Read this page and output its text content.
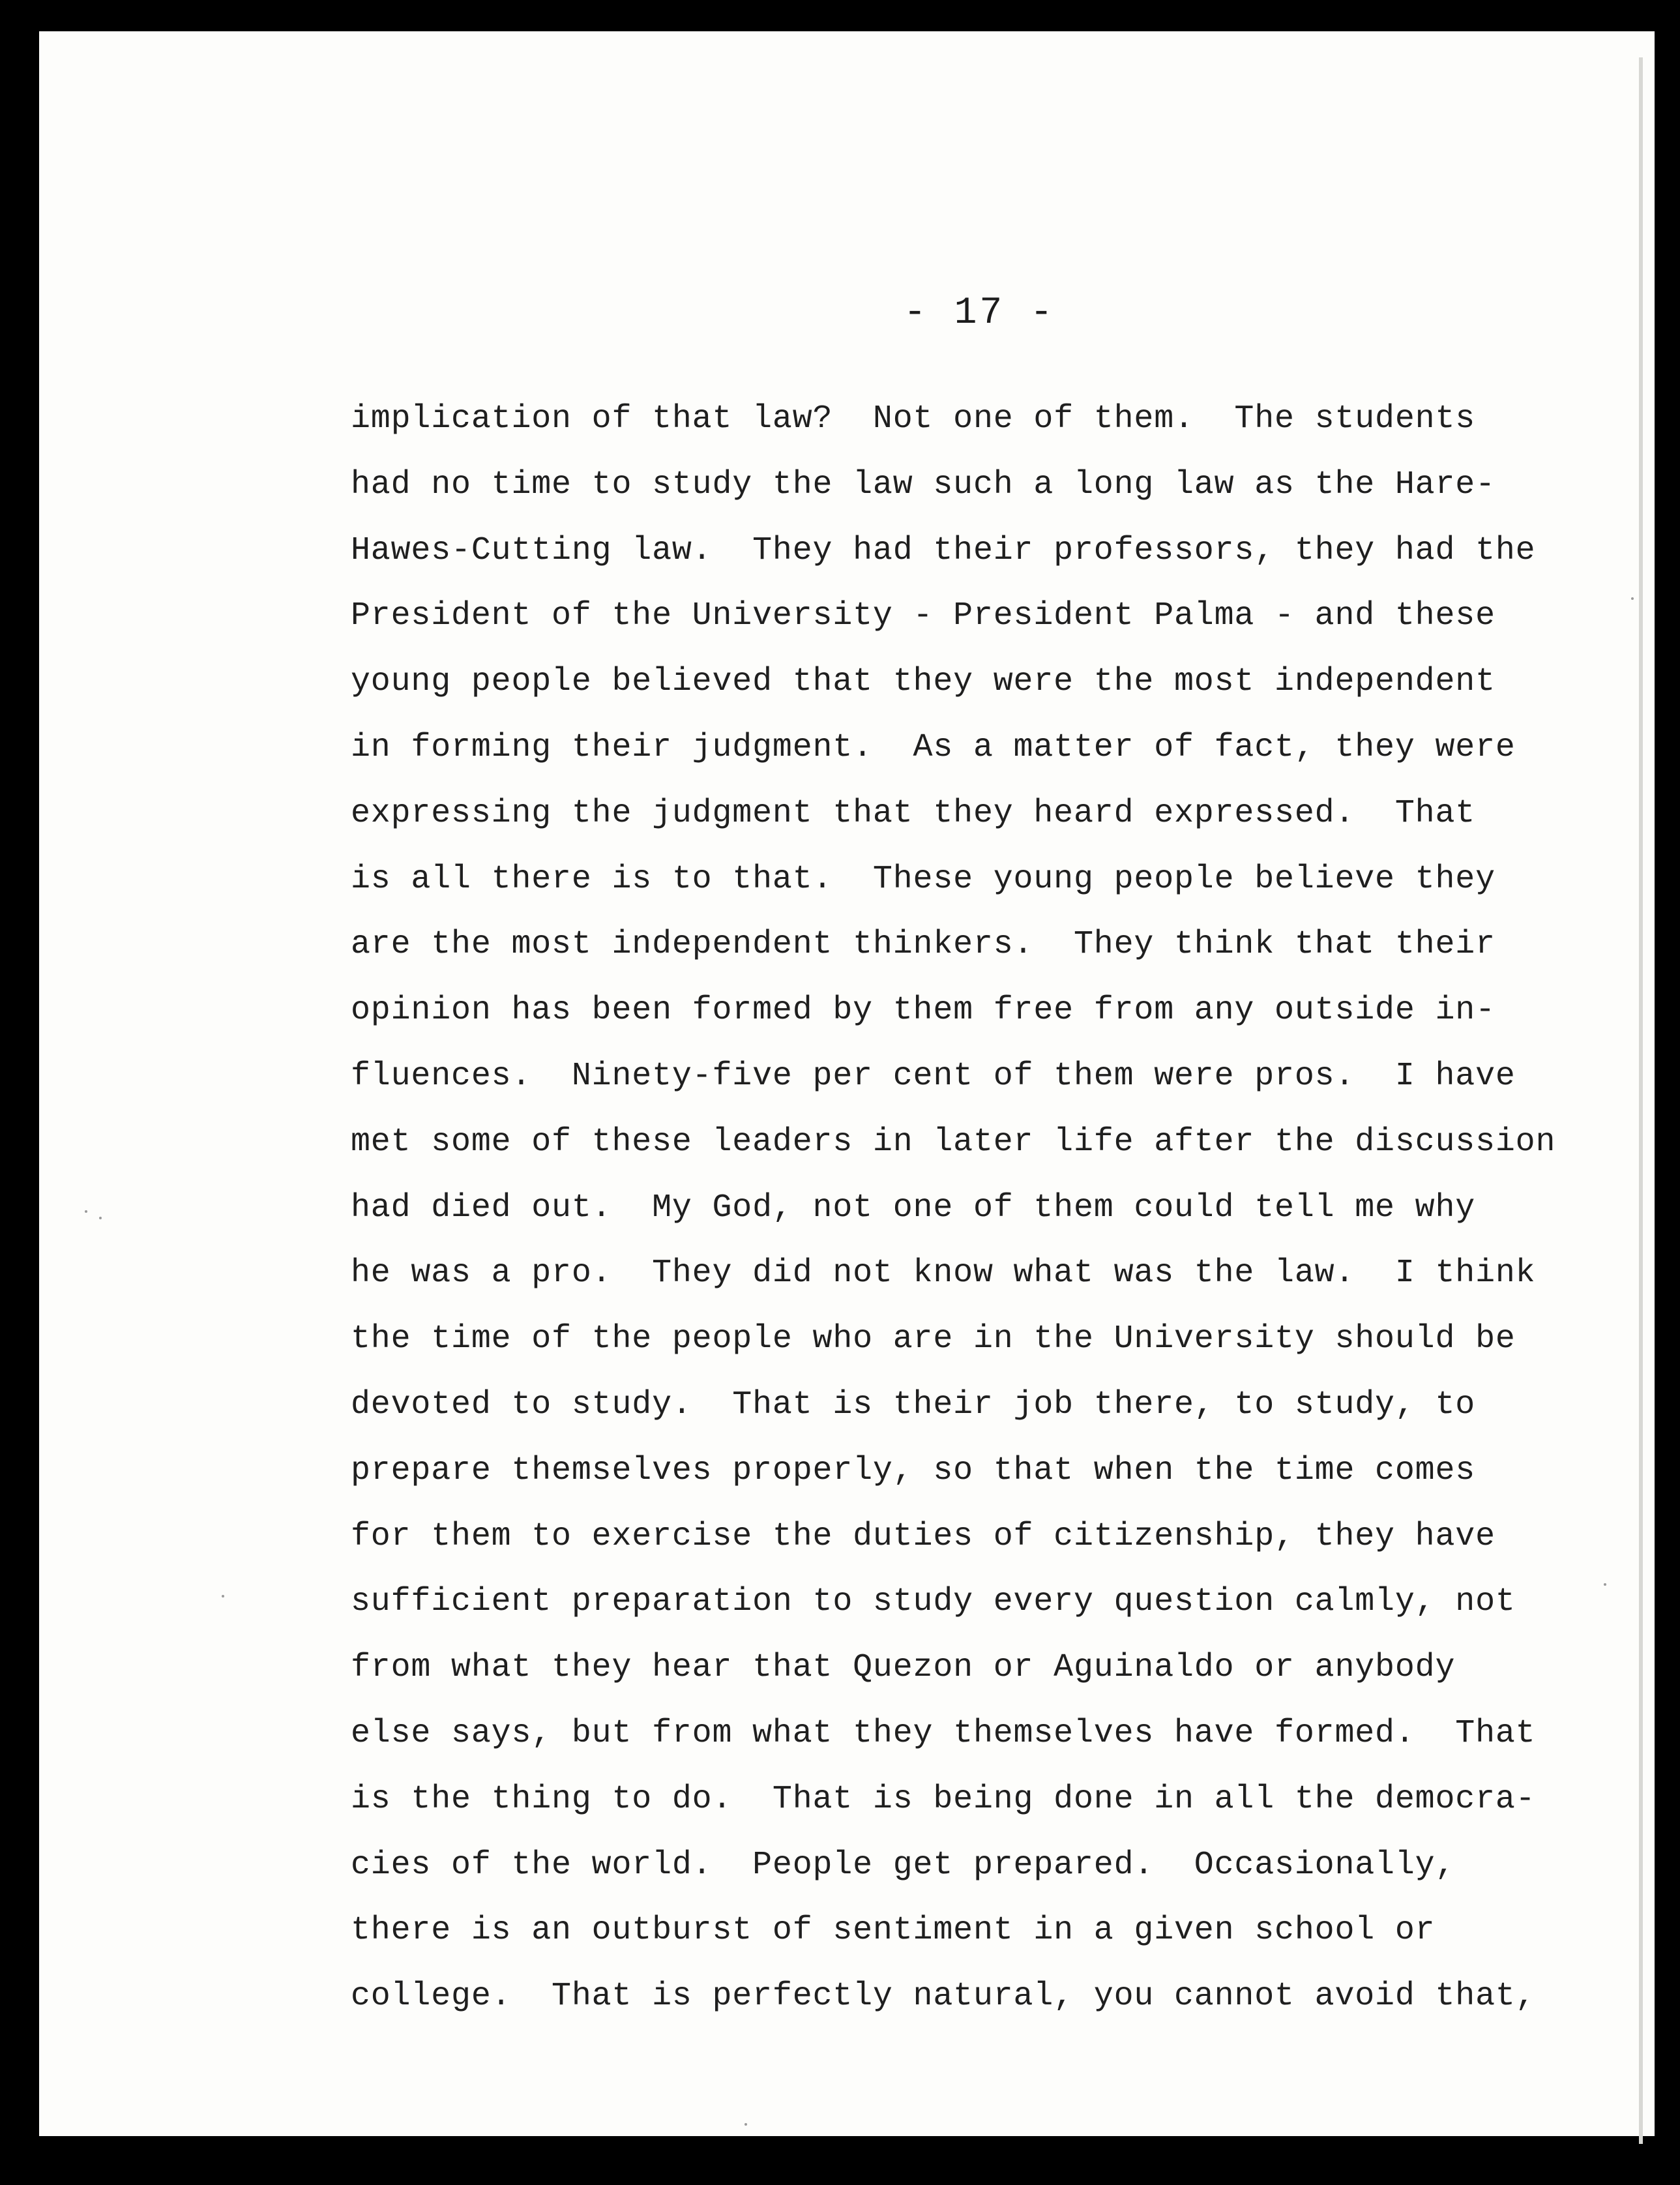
- 17 -
implication of that law?  Not one of them.  The students
had no time to study the law such a long law as the Hare-
Hawes-Cutting law.  They had their professors, they had the
President of the University - President Palma - and these
young people believed that they were the most independent
in forming their judgment.  As a matter of fact, they were
expressing the judgment that they heard expressed.  That
is all there is to that.  These young people believe they
are the most independent thinkers.  They think that their
opinion has been formed by them free from any outside in-
fluences.  Ninety-five per cent of them were pros.  I have
met some of these leaders in later life after the discussion
had died out.  My God, not one of them could tell me why
he was a pro.  They did not know what was the law.  I think
the time of the people who are in the University should be
devoted to study.  That is their job there, to study, to
prepare themselves properly, so that when the time comes
for them to exercise the duties of citizenship, they have
sufficient preparation to study every question calmly, not
from what they hear that Quezon or Aguinaldo or anybody
else says, but from what they themselves have formed.  That
is the thing to do.  That is being done in all the democra-
cies of the world.  People get prepared.  Occasionally,
there is an outburst of sentiment in a given school or
college.  That is perfectly natural, you cannot avoid that,
